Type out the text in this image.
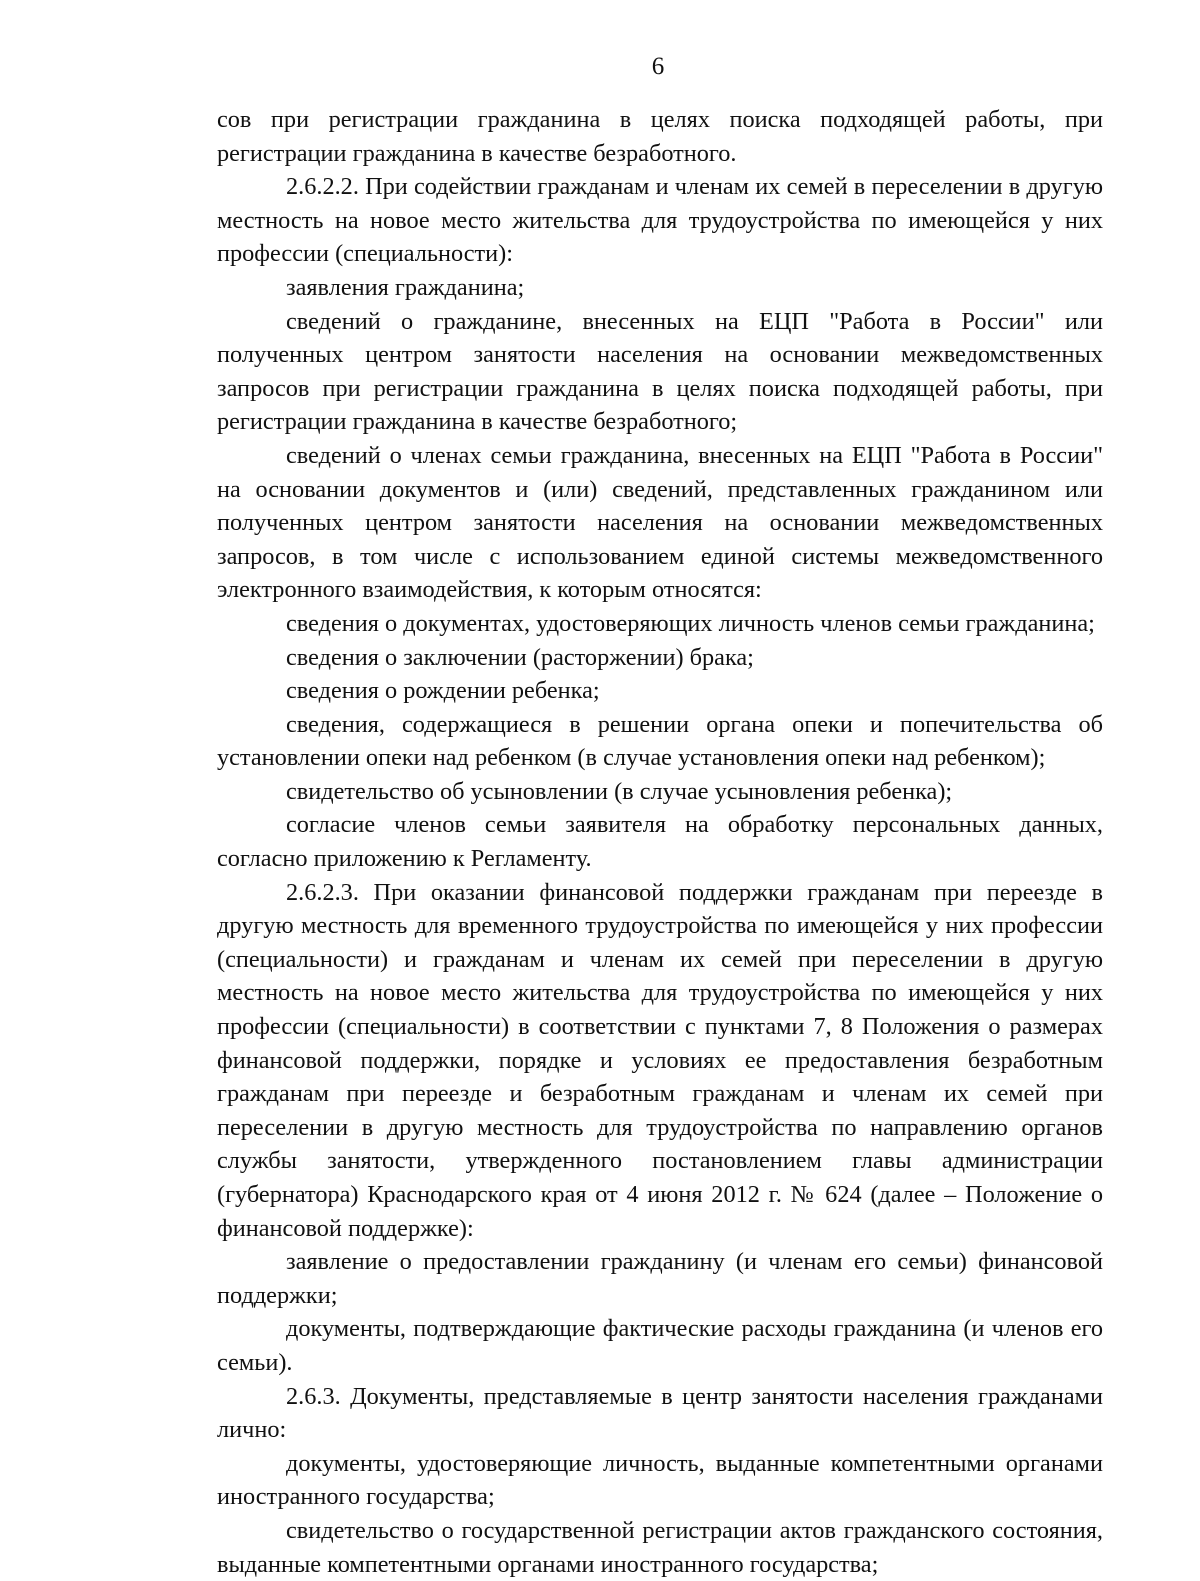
6

сов при регистрации гражданина в целях поиска подходящей работы, при регистрации гражданина в качестве безработного.

2.6.2.2. При содействии гражданам и членам их семей в переселении в другую местность на новое место жительства для трудоустройства по имеющейся у них профессии (специальности):

заявления гражданина;

сведений о гражданине, внесенных на ЕЦП "Работа в России" или полученных центром занятости населения на основании межведомственных запросов при регистрации гражданина в целях поиска подходящей работы, при регистрации гражданина в качестве безработного;

сведений о членах семьи гражданина, внесенных на ЕЦП "Работа в России" на основании документов и (или) сведений, представленных гражданином или полученных центром занятости населения на основании межведомственных запросов, в том числе с использованием единой системы межведомственного электронного взаимодействия, к которым относятся:

сведения о документах, удостоверяющих личность членов семьи гражданина;

сведения о заключении (расторжении) брака;

сведения о рождении ребенка;

сведения, содержащиеся в решении органа опеки и попечительства об установлении опеки над ребенком (в случае установления опеки над ребенком);

свидетельство об усыновлении (в случае усыновления ребенка);

согласие членов семьи заявителя на обработку персональных данных, согласно приложению к Регламенту.

2.6.2.3. При оказании финансовой поддержки гражданам при переезде в другую местность для временного трудоустройства по имеющейся у них профессии (специальности) и гражданам и членам их семей при переселении в другую местность на новое место жительства для трудоустройства по имеющейся у них профессии (специальности) в соответствии с пунктами 7, 8 Положения о размерах финансовой поддержки, порядке и условиях ее предоставления безработным гражданам при переезде и безработным гражданам и членам их семей при переселении в другую местность для трудоустройства по направлению органов службы занятости, утвержденного постановлением главы администрации (губернатора) Краснодарского края от 4 июня 2012 г. № 624 (далее – Положение о финансовой поддержке):

заявление о предоставлении гражданину (и членам его семьи) финансовой поддержки;

документы, подтверждающие фактические расходы гражданина (и членов его семьи).

2.6.3. Документы, представляемые в центр занятости населения гражданами лично:

документы, удостоверяющие личность, выданные компетентными органами иностранного государства;

свидетельство о государственной регистрации актов гражданского состояния, выданные компетентными органами иностранного государства;
